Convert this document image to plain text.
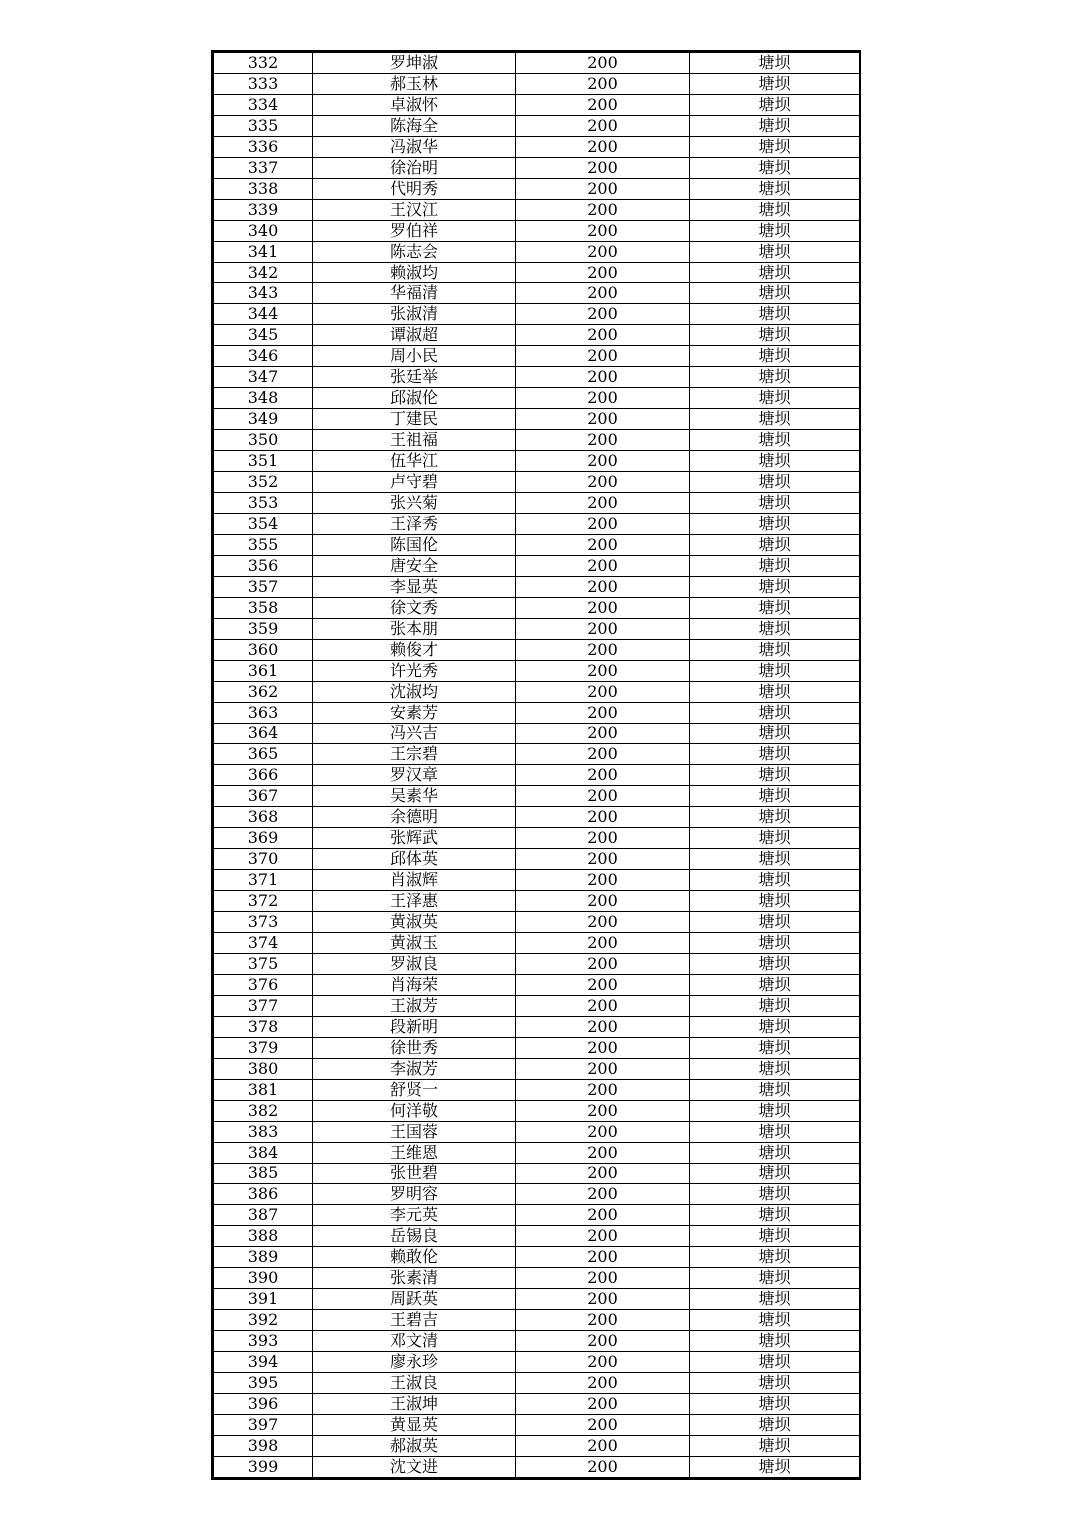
332	罗坤淑	200	塘坝
333	郝玉林	200	塘坝
334	卓淑怀	200	塘坝
335	陈海全	200	塘坝
336	冯淑华	200	塘坝
337	徐治明	200	塘坝
338	代明秀	200	塘坝
339	王汉江	200	塘坝
340	罗伯祥	200	塘坝
341	陈志会	200	塘坝
342	赖淑均	200	塘坝
343	华福清	200	塘坝
344	张淑清	200	塘坝
345	谭淑超	200	塘坝
346	周小民	200	塘坝
347	张廷举	200	塘坝
348	邱淑伦	200	塘坝
349	丁建民	200	塘坝
350	王祖福	200	塘坝
351	伍华江	200	塘坝
352	卢守碧	200	塘坝
353	张兴菊	200	塘坝
354	王泽秀	200	塘坝
355	陈国伦	200	塘坝
356	唐安全	200	塘坝
357	李显英	200	塘坝
358	徐文秀	200	塘坝
359	张本朋	200	塘坝
360	赖俊才	200	塘坝
361	许光秀	200	塘坝
362	沈淑均	200	塘坝
363	安素芳	200	塘坝
364	冯兴吉	200	塘坝
365	王宗碧	200	塘坝
366	罗汉章	200	塘坝
367	吴素华	200	塘坝
368	余德明	200	塘坝
369	张辉武	200	塘坝
370	邱体英	200	塘坝
371	肖淑辉	200	塘坝
372	王泽惠	200	塘坝
373	黄淑英	200	塘坝
374	黄淑玉	200	塘坝
375	罗淑良	200	塘坝
376	肖海荣	200	塘坝
377	王淑芳	200	塘坝
378	段新明	200	塘坝
379	徐世秀	200	塘坝
380	李淑芳	200	塘坝
381	舒贤一	200	塘坝
382	何洋敬	200	塘坝
383	王国蓉	200	塘坝
384	王维恩	200	塘坝
385	张世碧	200	塘坝
386	罗明容	200	塘坝
387	李元英	200	塘坝
388	岳锡良	200	塘坝
389	赖敢伦	200	塘坝
390	张素清	200	塘坝
391	周跃英	200	塘坝
392	王碧吉	200	塘坝
393	邓文清	200	塘坝
394	廖永珍	200	塘坝
395	王淑良	200	塘坝
396	王淑坤	200	塘坝
397	黄显英	200	塘坝
398	郝淑英	200	塘坝
399	沈文进	200	塘坝
